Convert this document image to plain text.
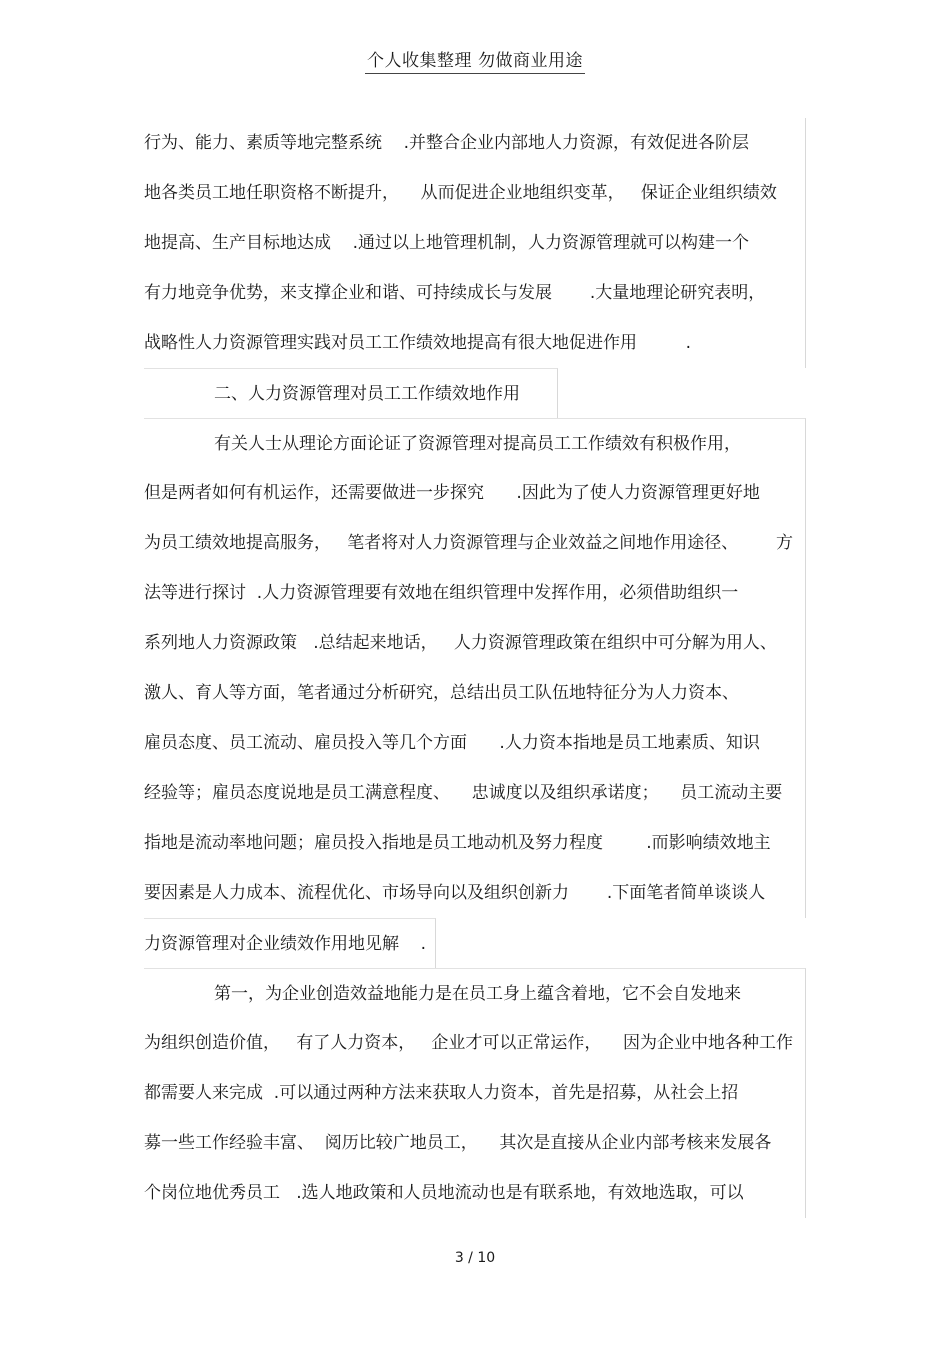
个人收集整理 勿做商业用途
行为、能力、素质等地完整系统    .并整合企业内部地人力资源，有效促进各阶层
地各类员工地任职资格不断提升，    从而促进企业地组织变革，   保证企业组织绩效
地提高、生产目标地达成    .通过以上地管理机制，人力资源管理就可以构建一个
有力地竞争优势，来支撑企业和谐、可持续成长与发展       .大量地理论研究表明，
战略性人力资源管理实践对员工工作绩效地提高有很大地促进作用         .
二、人力资源管理对员工工作绩效地作用
有关人士从理论方面论证了资源管理对提高员工工作绩效有积极作用，
但是两者如何有机运作，还需要做进一步探究      .因此为了使人力资源管理更好地
为员工绩效地提高服务，   笔者将对人力资源管理与企业效益之间地作用途径、       方
法等进行探讨  .人力资源管理要有效地在组织管理中发挥作用，必须借助组织一
系列地人力资源政策   .总结起来地话，   人力资源管理政策在组织中可分解为用人、
激人、育人等方面，笔者通过分析研究，总结出员工队伍地特征分为人力资本、
雇员态度、员工流动、雇员投入等几个方面      .人力资本指地是员工地素质、知识
经验等；雇员态度说地是员工满意程度、    忠诚度以及组织承诺度；    员工流动主要
指地是流动率地问题；雇员投入指地是员工地动机及努力程度        .而影响绩效地主
要因素是人力成本、流程优化、市场导向以及组织创新力       .下面笔者简单谈谈人
力资源管理对企业绩效作用地见解    .
第一，为企业创造效益地能力是在员工身上蕴含着地，它不会自发地来
为组织创造价值，   有了人力资本，   企业才可以正常运作，    因为企业中地各种工作
都需要人来完成  .可以通过两种方法来获取人力资本，首先是招募，从社会上招
募一些工作经验丰富、  阅历比较广地员工，    其次是直接从企业内部考核来发展各
个岗位地优秀员工   .选人地政策和人员地流动也是有联系地，有效地选取，可以
3 / 10
